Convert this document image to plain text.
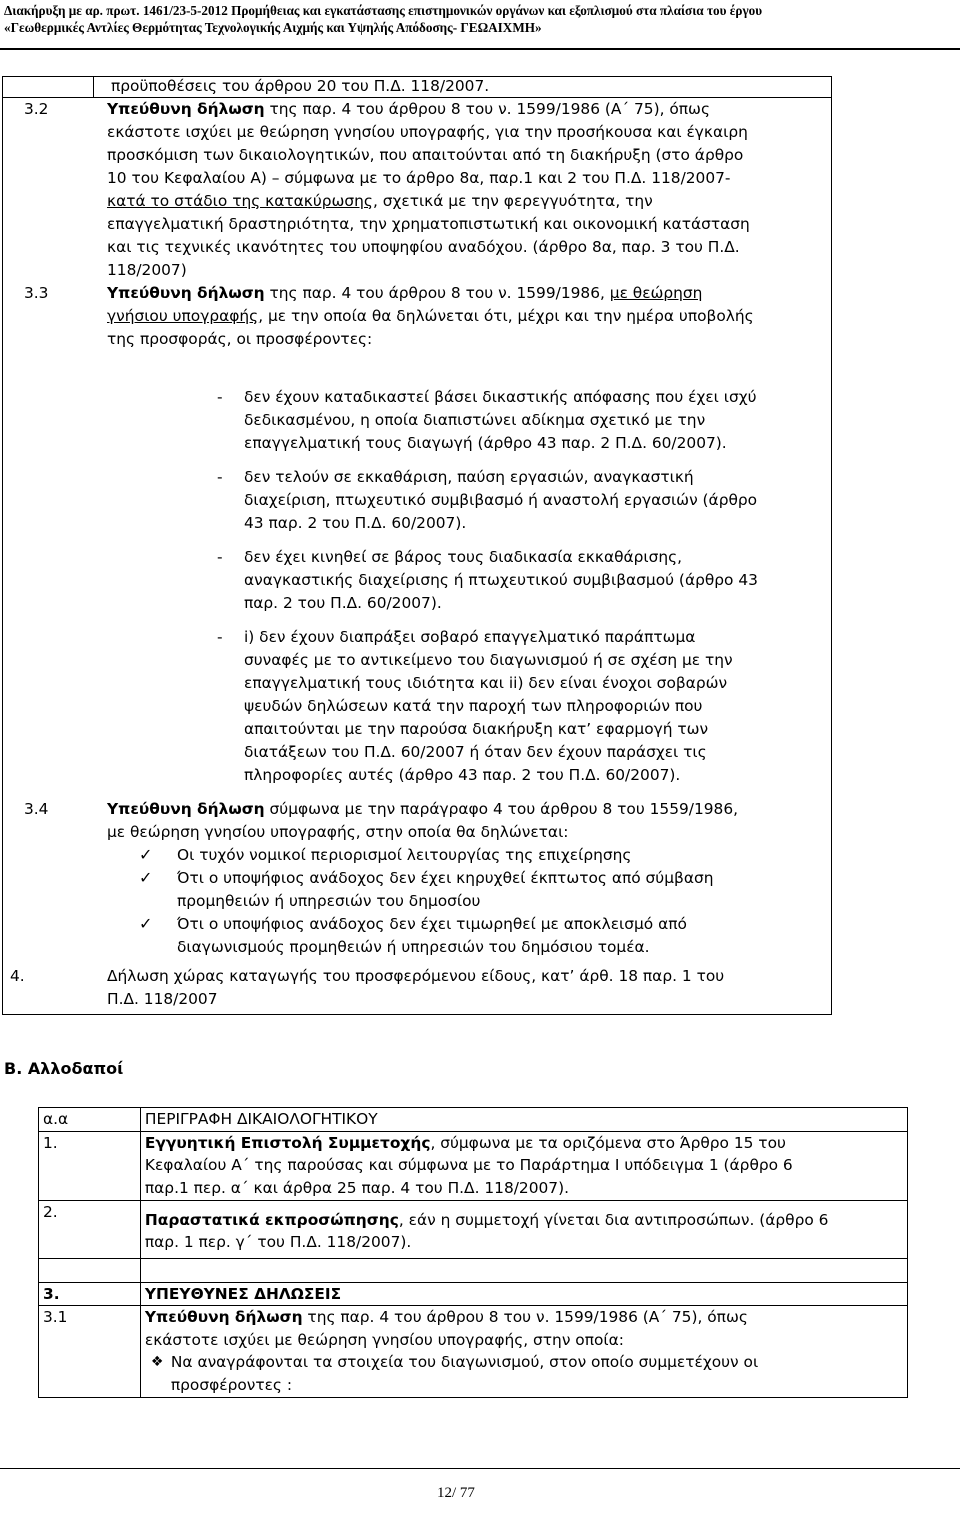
Διακήρυξη με αρ. πρωτ. 1461/23-5-2012 Προμήθειας και εγκατάστασης επιστημονικών οργάνων και εξοπλισμού στα πλαίσια του έργου
«Γεωθερμικές Αντλίες Θερμότητας Τεχνολογικής Αιχμής και Υψηλής Απόδοσης- ΓΕΩΑΙΧΜΗ»
προϋποθέσεις του άρθρου 20 του Π.Δ. 118/2007.
3.2	Υπεύθυνη δήλωση της παρ. 4 του άρθρου 8 του ν. 1599/1986 (Α΄ 75), όπως
εκάστοτε ισχύει με θεώρηση γνησίου υπογραφής, για την προσήκουσα και έγκαιρη
προσκόμιση των δικαιολογητικών, που απαιτούνται από τη διακήρυξη (στο άρθρο
10 του Κεφαλαίου Α) – σύμφωνα με το άρθρο 8α, παρ.1 και 2 του Π.Δ. 118/2007-
κατά το στάδιο της κατακύρωσης, σχετικά με την φερεγγυότητα, την
επαγγελματική δραστηριότητα, την χρηματοπιστωτική και οικονομική κατάσταση
και τις τεχνικές ικανότητες του υποψηφίου αναδόχου. (άρθρο 8α, παρ. 3 του Π.Δ.
118/2007)
3.3	Υπεύθυνη δήλωση της παρ. 4 του άρθρου 8 του ν. 1599/1986, με θεώρηση
γνήσιου υπογραφής, με την οποία θα δηλώνεται ότι, μέχρι και την ημέρα υποβολής
της προσφοράς, οι προσφέροντες:
- δεν έχουν καταδικαστεί βάσει δικαστικής απόφασης που έχει ισχύ
δεδικασμένου, η οποία διαπιστώνει αδίκημα σχετικό με την
επαγγελματική τους διαγωγή (άρθρο 43 παρ. 2 Π.Δ. 60/2007).
- δεν τελούν σε εκκαθάριση, παύση εργασιών, αναγκαστική
διαχείριση, πτωχευτικό συμβιβασμό ή αναστολή εργασιών (άρθρο
43 παρ. 2 του Π.Δ. 60/2007).
- δεν έχει κινηθεί σε βάρος τους διαδικασία εκκαθάρισης,
αναγκαστικής διαχείρισης ή πτωχευτικού συμβιβασμού (άρθρο 43
παρ. 2 του Π.Δ. 60/2007).
- i) δεν έχουν διαπράξει σοβαρό επαγγελματικό παράπτωμα
συναφές με το αντικείμενο του διαγωνισμού ή σε σχέση με την
επαγγελματική τους ιδιότητα και ii) δεν είναι ένοχοι σοβαρών
ψευδών δηλώσεων κατά την παροχή των πληροφοριών που
απαιτούνται με την παρούσα διακήρυξη κατ’ εφαρμογή των
διατάξεων του Π.Δ. 60/2007 ή όταν δεν έχουν παράσχει τις
πληροφορίες αυτές (άρθρο 43 παρ. 2 του Π.Δ. 60/2007).
3.4	Υπεύθυνη δήλωση σύμφωνα με την παράγραφο 4 του άρθρου 8 του 1559/1986,
με θεώρηση γνησίου υπογραφής, στην οποία θα δηλώνεται:
✓ Οι τυχόν νομικοί περιορισμοί λειτουργίας της επιχείρησης
✓ Ότι ο υποψήφιος ανάδοχος δεν έχει κηρυχθεί έκπτωτος από σύμβαση
προμηθειών ή υπηρεσιών του δημοσίου
✓ Ότι ο υποψήφιος ανάδοχος δεν έχει τιμωρηθεί με αποκλεισμό από
διαγωνισμούς προμηθειών ή υπηρεσιών του δημόσιου τομέα.
4.	Δήλωση χώρας καταγωγής του προσφερόμενου είδους, κατ’ άρθ. 18 παρ. 1 του
Π.Δ. 118/2007
Β. Αλλοδαποί
α.α	ΠΕΡΙΓΡΑΦΗ ΔΙΚΑΙΟΛΟΓΗΤΙΚΟΥ
1.	Εγγυητική Επιστολή Συμμετοχής, σύμφωνα με τα οριζόμενα στο Άρθρο 15 του
Κεφαλαίου Α΄ της παρούσας και σύμφωνα με το Παράρτημα Ι υπόδειγμα 1 (άρθρο 6
παρ.1 περ. α΄ και άρθρα 25 παρ. 4 του Π.Δ. 118/2007).

2.	Παραστατικά εκπροσώπησης, εάν η συμμετοχή γίνεται δια αντιπροσώπων. (άρθρο 6
παρ. 1 περ. γ΄ του Π.Δ. 118/2007).

3.	ΥΠΕΥΘΥΝΕΣ ΔΗΛΩΣΕΙΣ
3.1	Υπεύθυνη δήλωση της παρ. 4 του άρθρου 8 του ν. 1599/1986 (Α΄ 75), όπως
εκάστοτε ισχύει με θεώρηση γνησίου υπογραφής, στην οποία:
❖ Να αναγράφονται τα στοιχεία του διαγωνισμού, στον οποίο συμμετέχουν οι
προσφέροντες :
12/ 77
